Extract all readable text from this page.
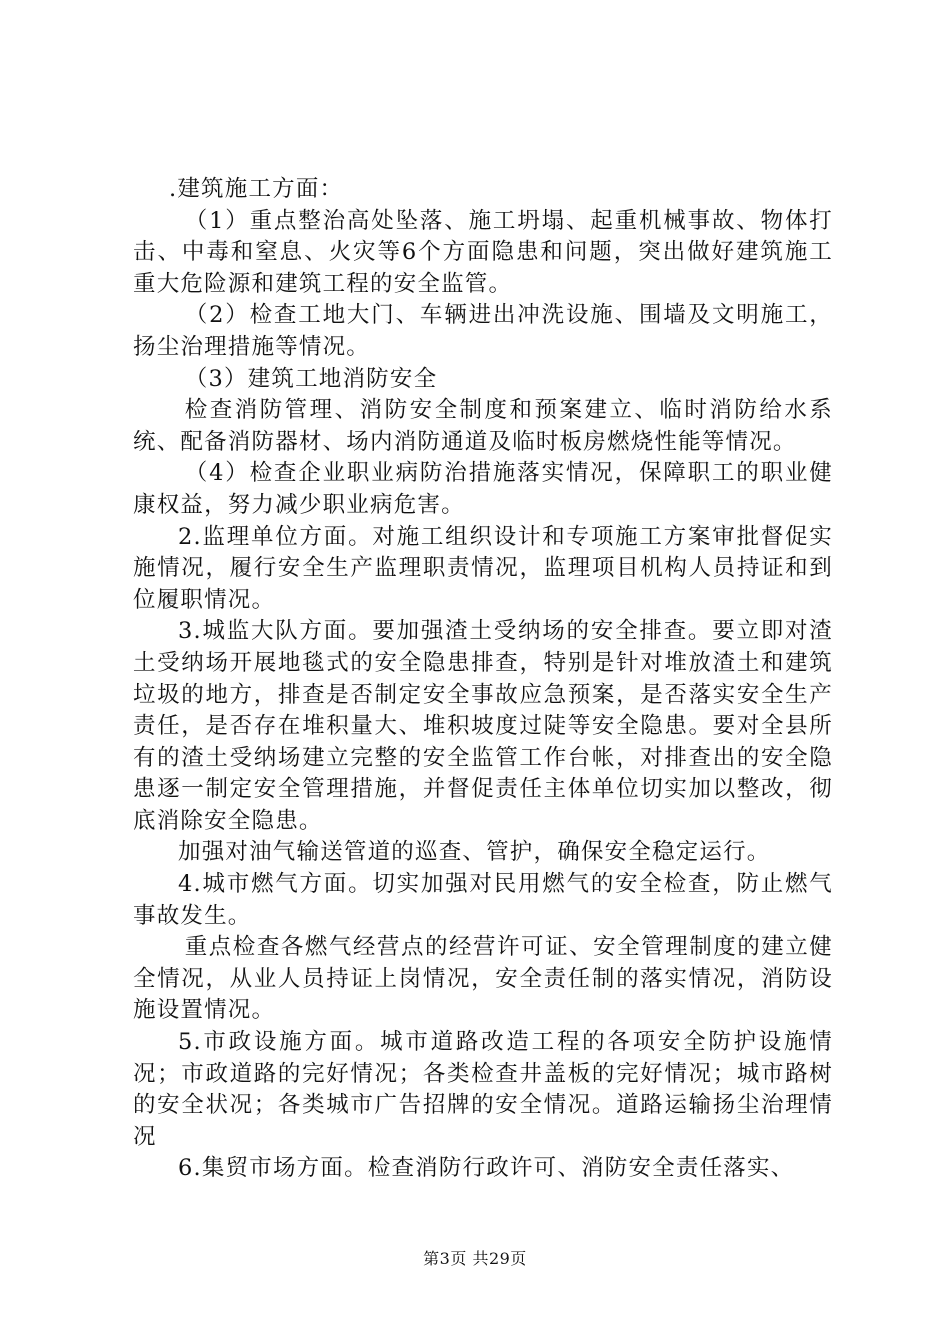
.建筑施工方面：

（1）重点整治高处坠落、施工坍塌、起重机械事故、物体打击、中毒和窒息、火灾等6个方面隐患和问题，突出做好建筑施工重大危险源和建筑工程的安全监管。

（2）检查工地大门、车辆进出冲洗设施、围墙及文明施工，扬尘治理措施等情况。

（3）建筑工地消防安全

检查消防管理、消防安全制度和预案建立、临时消防给水系统、配备消防器材、场内消防通道及临时板房燃烧性能等情况。

（4）检查企业职业病防治措施落实情况，保障职工的职业健康权益，努力减少职业病危害。

2.监理单位方面。对施工组织设计和专项施工方案审批督促实施情况，履行安全生产监理职责情况，监理项目机构人员持证和到位履职情况。

3.城监大队方面。要加强渣土受纳场的安全排查。要立即对渣土受纳场开展地毯式的安全隐患排查，特别是针对堆放渣土和建筑垃圾的地方，排查是否制定安全事故应急预案，是否落实安全生产责任，是否存在堆积量大、堆积坡度过陡等安全隐患。要对全县所有的渣土受纳场建立完整的安全监管工作台帐，对排查出的安全隐患逐一制定安全管理措施，并督促责任主体单位切实加以整改，彻底消除安全隐患。

加强对油气输送管道的巡查、管护，确保安全稳定运行。

4.城市燃气方面。切实加强对民用燃气的安全检查，防止燃气事故发生。

重点检查各燃气经营点的经营许可证、安全管理制度的建立健全情况，从业人员持证上岗情况，安全责任制的落实情况，消防设施设置情况。

5.市政设施方面。城市道路改造工程的各项安全防护设施情况；市政道路的完好情况；各类检查井盖板的完好情况；城市路树的安全状况；各类城市广告招牌的安全情况。道路运输扬尘治理情况

6.集贸市场方面。检查消防行政许可、消防安全责任落实、

第3页 共29页
